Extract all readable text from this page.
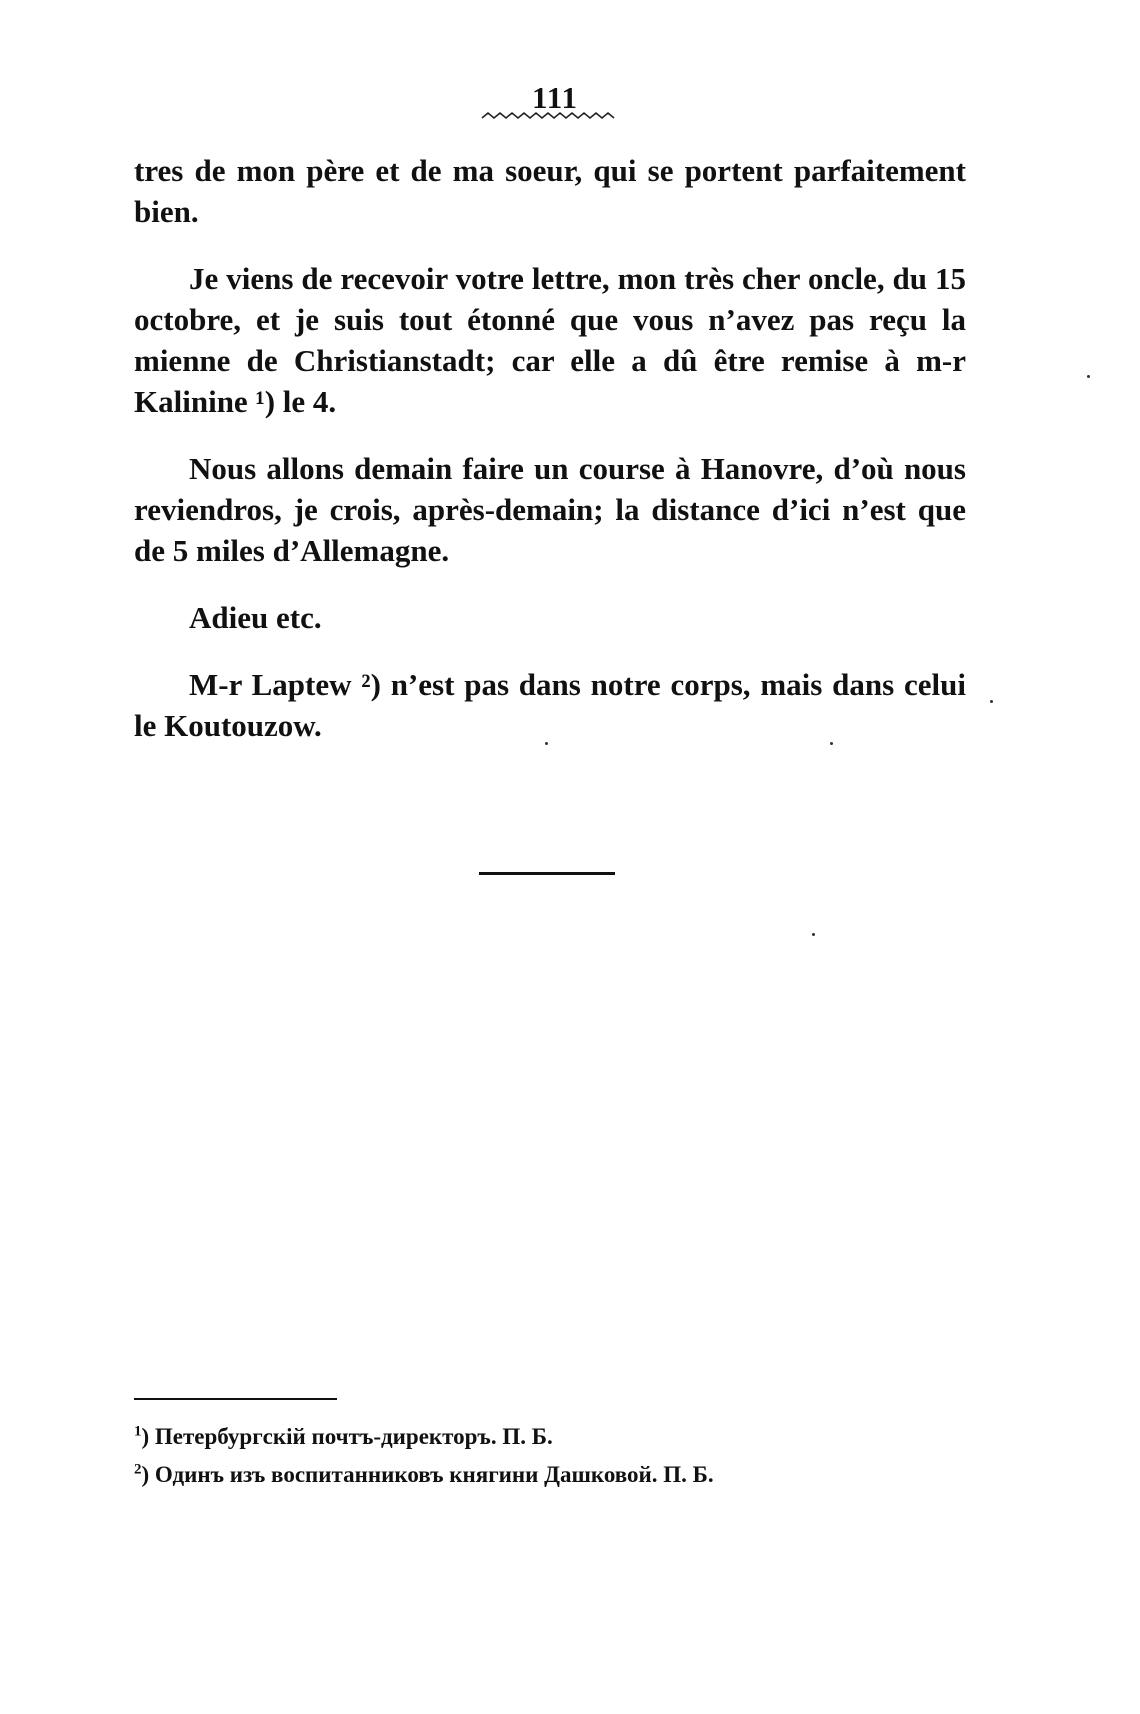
111

tres de mon père et de ma soeur, qui se portent parfaitement bien.

Je viens de recevoir votre lettre, mon très cher oncle, du 15 octobre, et je suis tout étonné que vous n’avez pas reçu la mienne de Christianstadt; car elle a dû être remise à m-r Kalinine ¹) le 4.

Nous allons demain faire un course à Hanovre, d’où nous reviendros, je crois, après-demain; la distance d’ici n’est que de 5 miles d’Allemagne.

Adieu etc.

M-r Laptew ²) n’est pas dans notre corps, mais dans celui le Koutouzow.

$^1$) Петербургскій почтъ-директоръ. П. Б.
$^2$) Одинъ изъ воспитанниковъ княгини Дашковой. П. Б.
